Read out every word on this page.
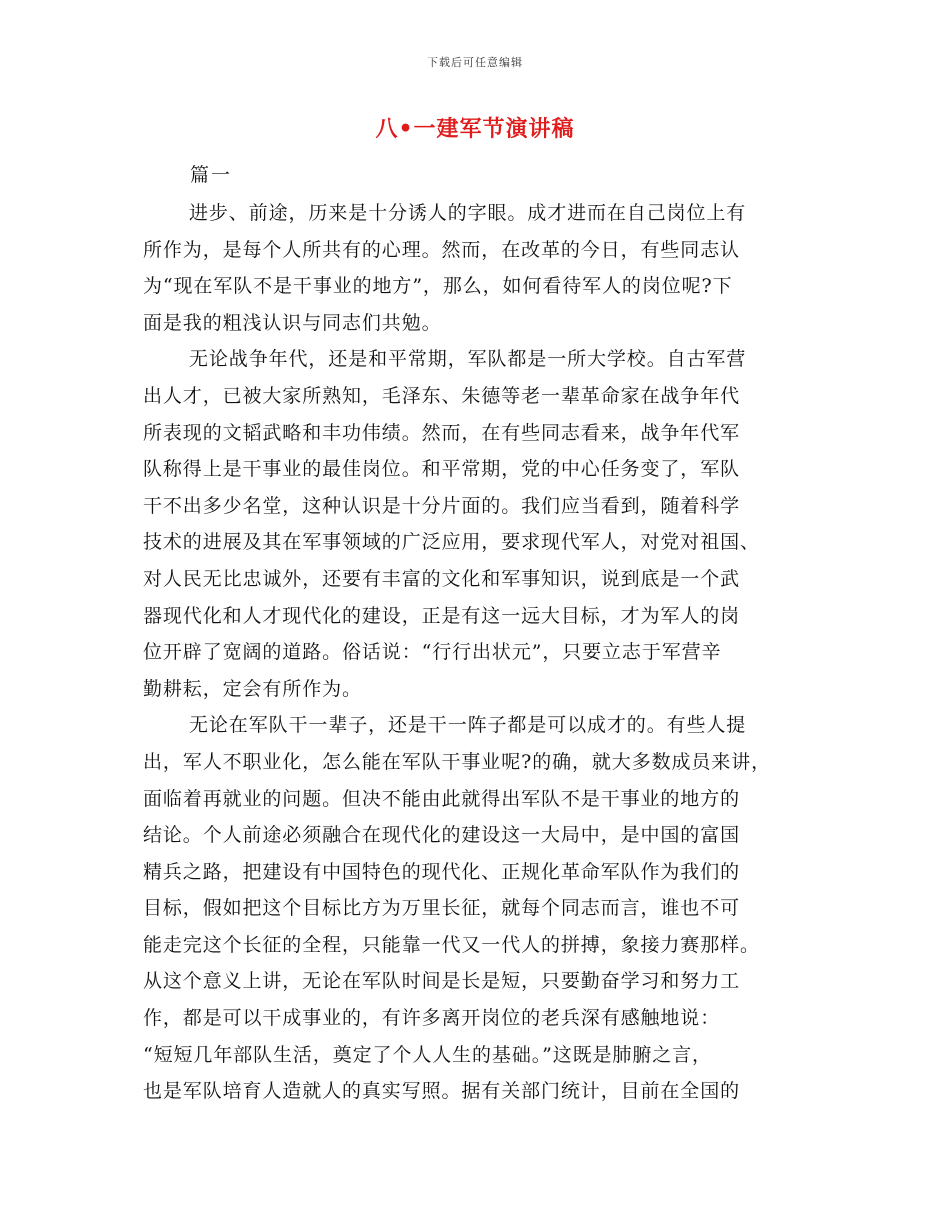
下载后可任意编辑
八•一建军节演讲稿
篇一
进步、前途，历来是十分诱人的字眼。成才进而在自己岗位上有
所作为，是每个人所共有的心理。然而，在改革的今日，有些同志认
为“现在军队不是干事业的地方”，那么，如何看待军人的岗位呢?下
面是我的粗浅认识与同志们共勉。
无论战争年代，还是和平常期，军队都是一所大学校。自古军营
出人才，已被大家所熟知，毛泽东、朱德等老一辈革命家在战争年代
所表现的文韬武略和丰功伟绩。然而，在有些同志看来，战争年代军
队称得上是干事业的最佳岗位。和平常期，党的中心任务变了，军队
干不出多少名堂，这种认识是十分片面的。我们应当看到，随着科学
技术的进展及其在军事领域的广泛应用，要求现代军人，对党对祖国、
对人民无比忠诚外，还要有丰富的文化和军事知识，说到底是一个武
器现代化和人才现代化的建设，正是有这一远大目标，才为军人的岗
位开辟了宽阔的道路。俗话说：“行行出状元”，只要立志于军营辛
勤耕耘，定会有所作为。
无论在军队干一辈子，还是干一阵子都是可以成才的。有些人提
出，军人不职业化，怎么能在军队干事业呢?的确，就大多数成员来讲，
面临着再就业的问题。但决不能由此就得出军队不是干事业的地方的
结论。个人前途必须融合在现代化的建设这一大局中，是中国的富国
精兵之路，把建设有中国特色的现代化、正规化革命军队作为我们的
目标，假如把这个目标比方为万里长征，就每个同志而言，谁也不可
能走完这个长征的全程，只能靠一代又一代人的拼搏，象接力赛那样。
从这个意义上讲，无论在军队时间是长是短，只要勤奋学习和努力工
作，都是可以干成事业的，有许多离开岗位的老兵深有感触地说：
“短短几年部队生活，奠定了个人人生的基础。”这既是肺腑之言，
也是军队培育人造就人的真实写照。据有关部门统计，目前在全国的
